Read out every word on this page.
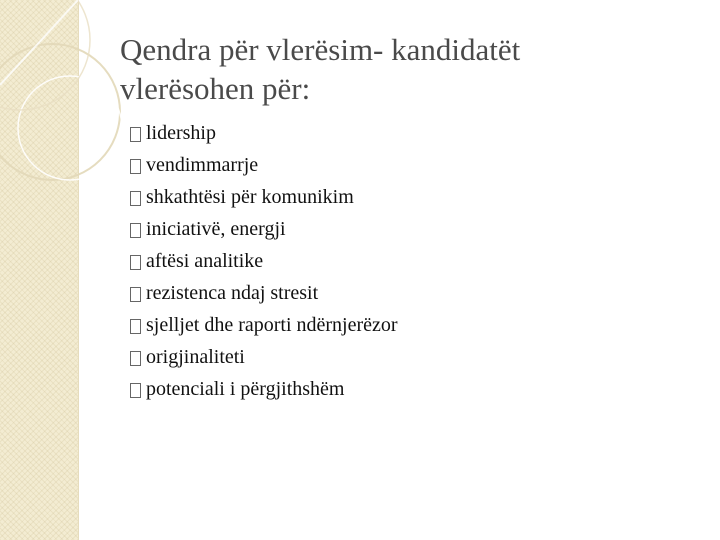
Qendra për vlerësim- kandidatët
vlerësohen për:
lidership
vendimmarrje
shkathtësi për komunikim
iniciativë, energji
aftësi analitike
rezistenca ndaj stresit
sjelljet dhe raporti ndërnjerëzor
origjinaliteti
potenciali i përgjithshëm
